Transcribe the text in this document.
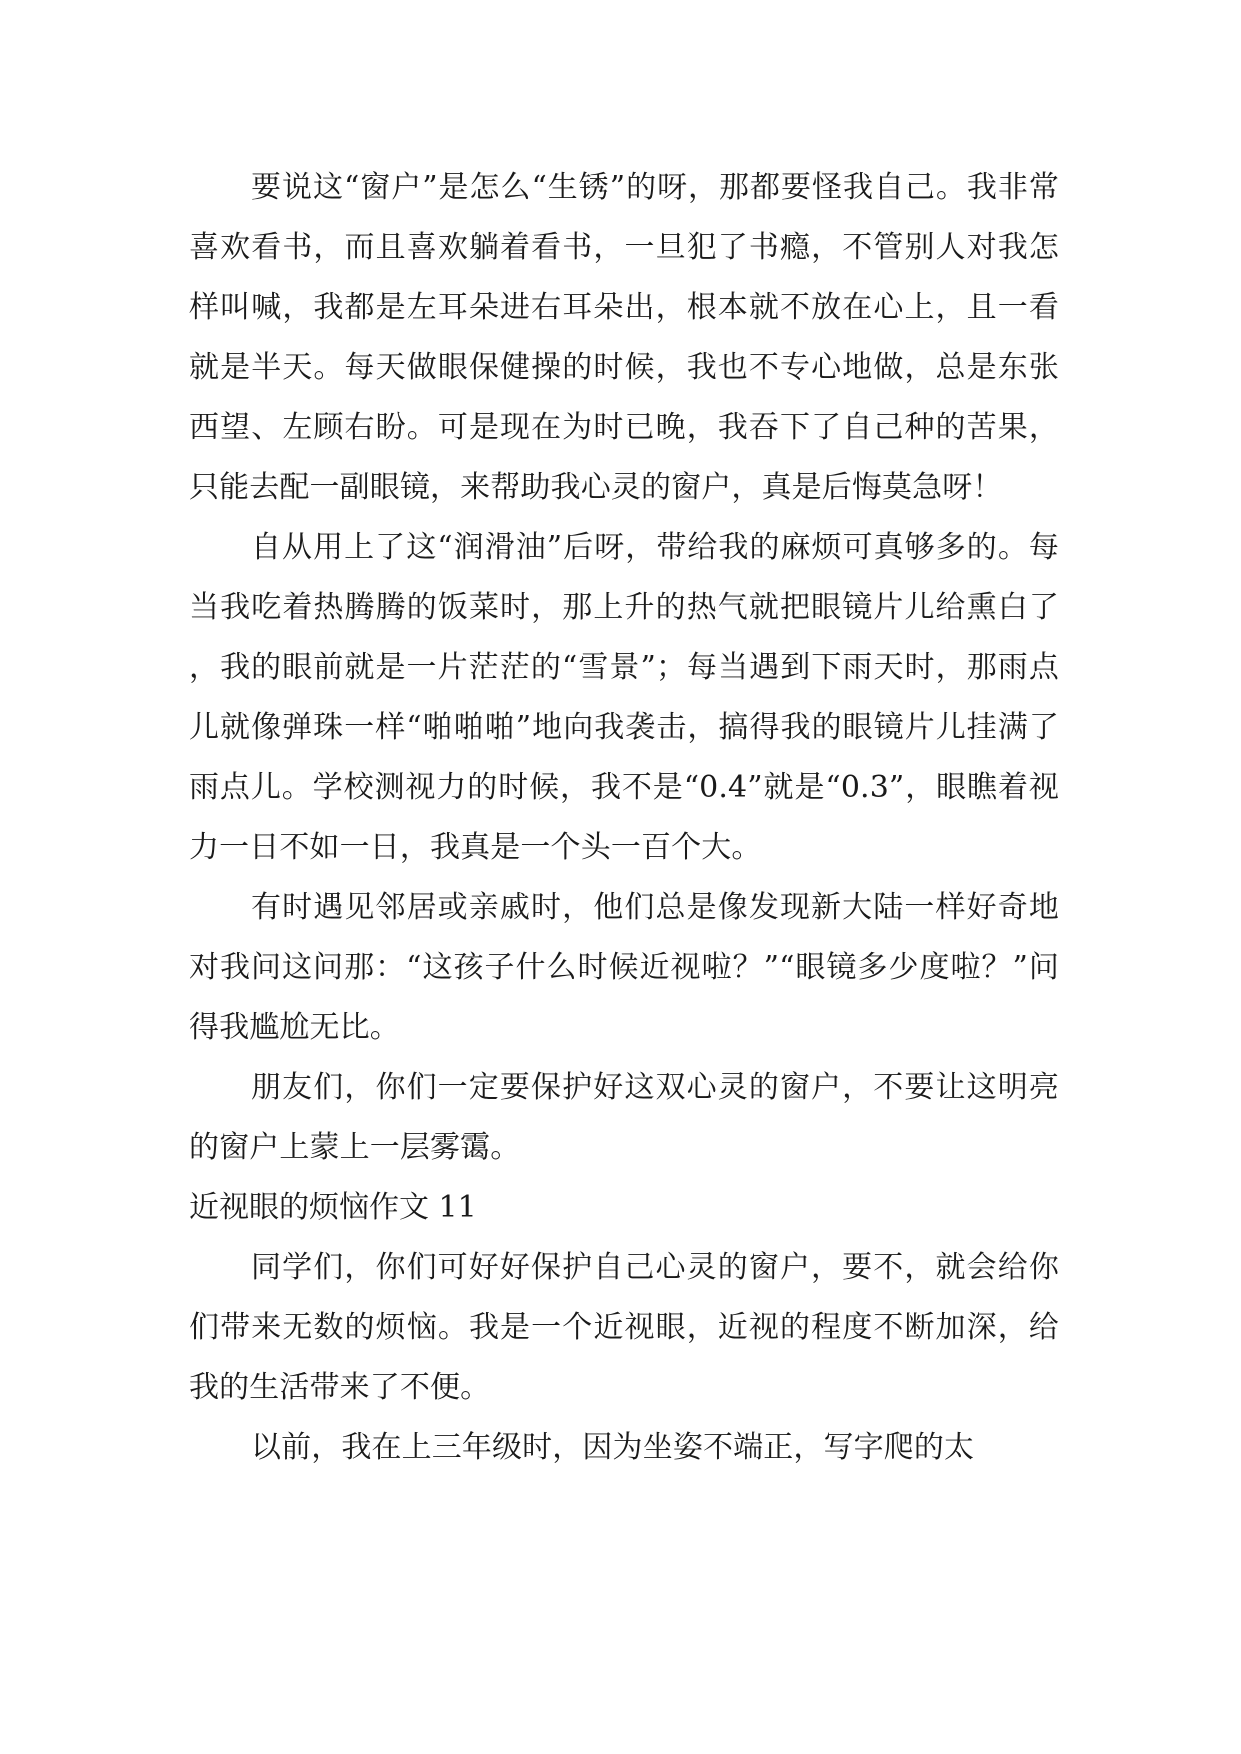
要说这“窗户”是怎么“生锈”的呀，那都要怪我自己。我非常喜欢看书，而且喜欢躺着看书，一旦犯了书瘾，不管别人对我怎样叫喊，我都是左耳朵进右耳朵出，根本就不放在心上，且一看就是半天。每天做眼保健操的时候，我也不专心地做，总是东张西望、左顾右盼。可是现在为时已晚，我吞下了自己种的苦果，只能去配一副眼镜，来帮助我心灵的窗户，真是后悔莫急呀！

自从用上了这“润滑油”后呀，带给我的麻烦可真够多的。每当我吃着热腾腾的饭菜时，那上升的热气就把眼镜片儿给熏白了，我的眼前就是一片茫茫的“雪景”；每当遇到下雨天时，那雨点儿就像弹珠一样“啪啪啪”地向我袭击，搞得我的眼镜片儿挂满了雨点儿。学校测视力的时候，我不是“0.4”就是“0.3”，眼瞧着视力一日不如一日，我真是一个头一百个大。

有时遇见邻居或亲戚时，他们总是像发现新大陆一样好奇地对我问这问那：“这孩子什么时候近视啦？”“眼镜多少度啦？”问得我尴尬无比。

朋友们，你们一定要保护好这双心灵的窗户，不要让这明亮的窗户上蒙上一层雾霭。

近视眼的烦恼作文 11

同学们，你们可好好保护自己心灵的窗户，要不，就会给你们带来无数的烦恼。我是一个近视眼，近视的程度不断加深，给我的生活带来了不便。

以前，我在上三年级时，因为坐姿不端正，写字爬的太
